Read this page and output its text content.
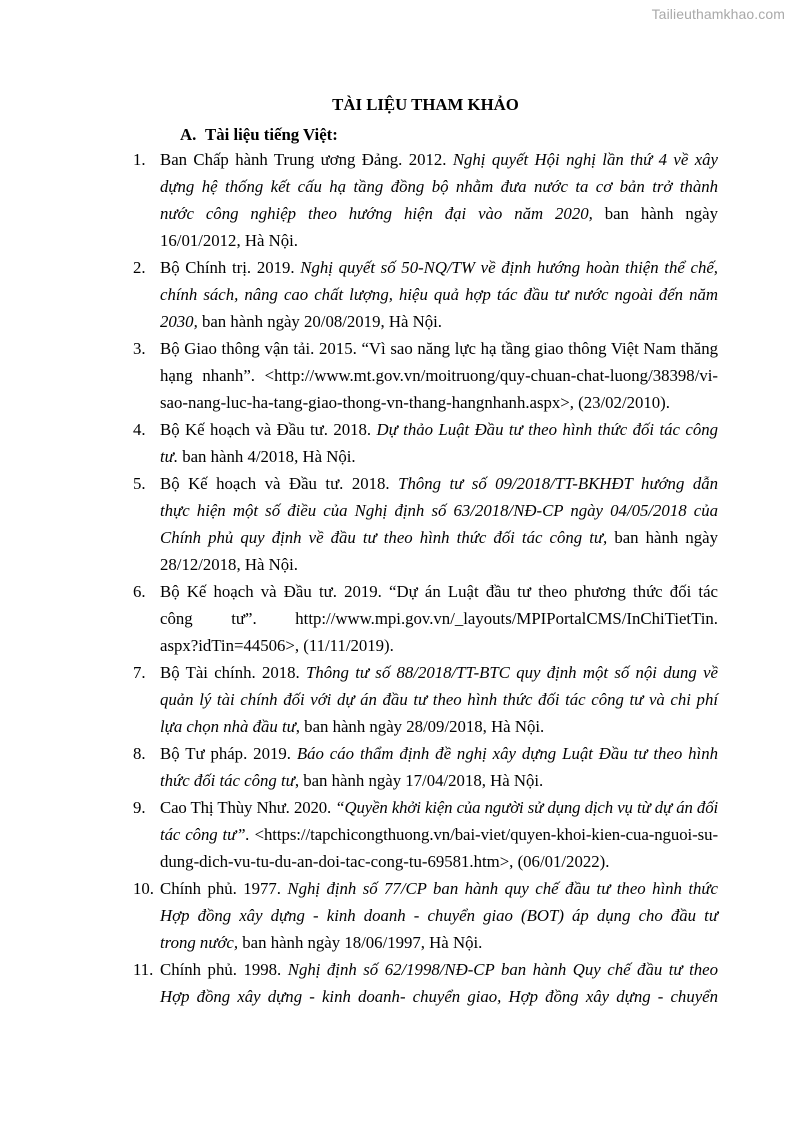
Tailieuthamkhao.com
TÀI LIỆU THAM KHẢO
A. Tài liệu tiếng Việt:
1. Ban Chấp hành Trung ương Đảng. 2012. Nghị quyết Hội nghị lần thứ 4 về xây
dựng hệ thống kết cấu hạ tầng đồng bộ nhằm đưa nước ta cơ bản trở thành
nước công nghiệp theo hướng hiện đại vào năm 2020, ban hành ngày
16/01/2012, Hà Nội.
2. Bộ Chính trị. 2019. Nghị quyết số 50-NQ/TW về định hướng hoàn thiện thể chế,
chính sách, nâng cao chất lượng, hiệu quả hợp tác đầu tư nước ngoài đến năm
2030, ban hành ngày 20/08/2019, Hà Nội.
3. Bộ Giao thông vận tải. 2015. “Vì sao năng lực hạ tầng giao thông Việt Nam thăng
hạng nhanh”. <http://www.mt.gov.vn/moitruong/quy-chuan-chat-luong/38398/vi-
sao-nang-luc-ha-tang-giao-thong-vn-thang-hangnhanh.aspx>, (23/02/2010).
4. Bộ Kế hoạch và Đầu tư. 2018. Dự thảo Luật Đầu tư theo hình thức đối tác công
tư. ban hành 4/2018, Hà Nội.
5. Bộ Kế hoạch và Đầu tư. 2018. Thông tư số 09/2018/TT-BKHĐT hướng dẫn
thực hiện một số điều của Nghị định số 63/2018/NĐ-CP ngày 04/05/2018 của
Chính phủ quy định về đầu tư theo hình thức đối tác công tư, ban hành ngày
28/12/2018, Hà Nội.
6. Bộ Kế hoạch và Đầu tư. 2019. “Dự án Luật đầu tư theo phương thức đối tác
công tư”. http://www.mpi.gov.vn/_layouts/MPIPortalCMS/InChiTietTin.
aspx?idTin=44506>, (11/11/2019).
7. Bộ Tài chính. 2018. Thông tư số 88/2018/TT-BTC quy định một số nội dung về
quản lý tài chính đối với dự án đầu tư theo hình thức đối tác công tư và chi phí
lựa chọn nhà đầu tư, ban hành ngày 28/09/2018, Hà Nội.
8. Bộ Tư pháp. 2019. Báo cáo thẩm định đề nghị xây dựng Luật Đầu tư theo hình
thức đối tác công tư, ban hành ngày 17/04/2018, Hà Nội.
9. Cao Thị Thùy Như. 2020. “Quyền khởi kiện của người sử dụng dịch vụ từ dự án đối
tác công tư”. <https://tapchicongthuong.vn/bai-viet/quyen-khoi-kien-cua-nguoi-su-
dung-dich-vu-tu-du-an-doi-tac-cong-tu-69581.htm>, (06/01/2022).
10. Chính phủ. 1977. Nghị định số 77/CP ban hành quy chế đầu tư theo hình thức
Hợp đồng xây dựng - kinh doanh - chuyển giao (BOT) áp dụng cho đầu tư
trong nước, ban hành ngày 18/06/1997, Hà Nội.
11. Chính phủ. 1998. Nghị định số 62/1998/NĐ-CP ban hành Quy chế đầu tư theo
Hợp đồng xây dựng - kinh doanh- chuyển giao, Hợp đồng xây dựng - chuyển
